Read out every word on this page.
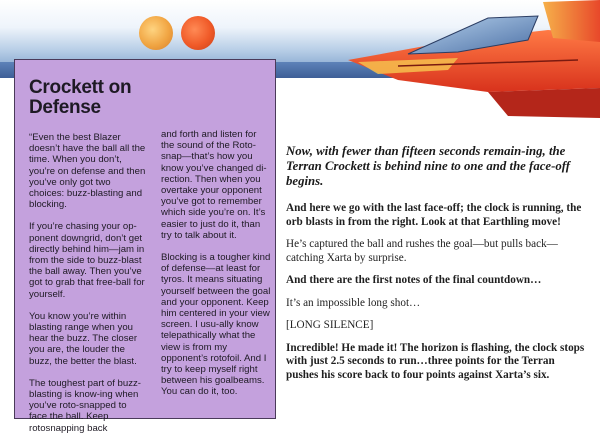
Crockett on Defense

“Even the best Blazer doesn’t have the ball all the time. When you don’t, you’re on defense and then you’ve only got two choices: buzz-blasting and blocking.

If you’re chasing your op-ponent downgrid, don’t get directly behind him—jam in from the side to buzz-blast the ball away. Then you’ve got to grab that free-ball for yourself.

You know you’re within blasting range when you hear the buzz. The closer you are, the louder the buzz, the better the blast.

The toughest part of buzz-blasting is know-ing when you’ve roto-snapped to face the ball. Keep rotosnapping back

and forth and listen for the sound of the Roto-snap—that’s how you know you’ve changed di-rection. Then when you overtake your opponent you’ve got to remember which side you’re on. It’s easier to just do it, than try to talk about it.

Blocking is a tougher kind of defense—at least for tyros. It means situating yourself between the goal and your opponent. Keep him centered in your view screen. I usu-ally know telepathically what the view is from my opponent’s rotofoil. And I try to keep myself right between his goalbeams. You can do it, too.

Now, with fewer than fifteen seconds remain-ing, the Terran Crockett is behind nine to one and the face-off begins.

And here we go with the last face-off; the clock is running, the orb blasts in from the right. Look at that Earthling move!

He’s captured the ball and rushes the goal—but pulls back—catching Xarta by surprise.

And there are the first notes of the final countdown…

It’s an impossible long shot…

[LONG SILENCE]

Incredible! He made it! The horizon is flashing, the clock stops with just 2.5 seconds to run…three points for the Terran pushes his score back to four points against Xarta’s six.
